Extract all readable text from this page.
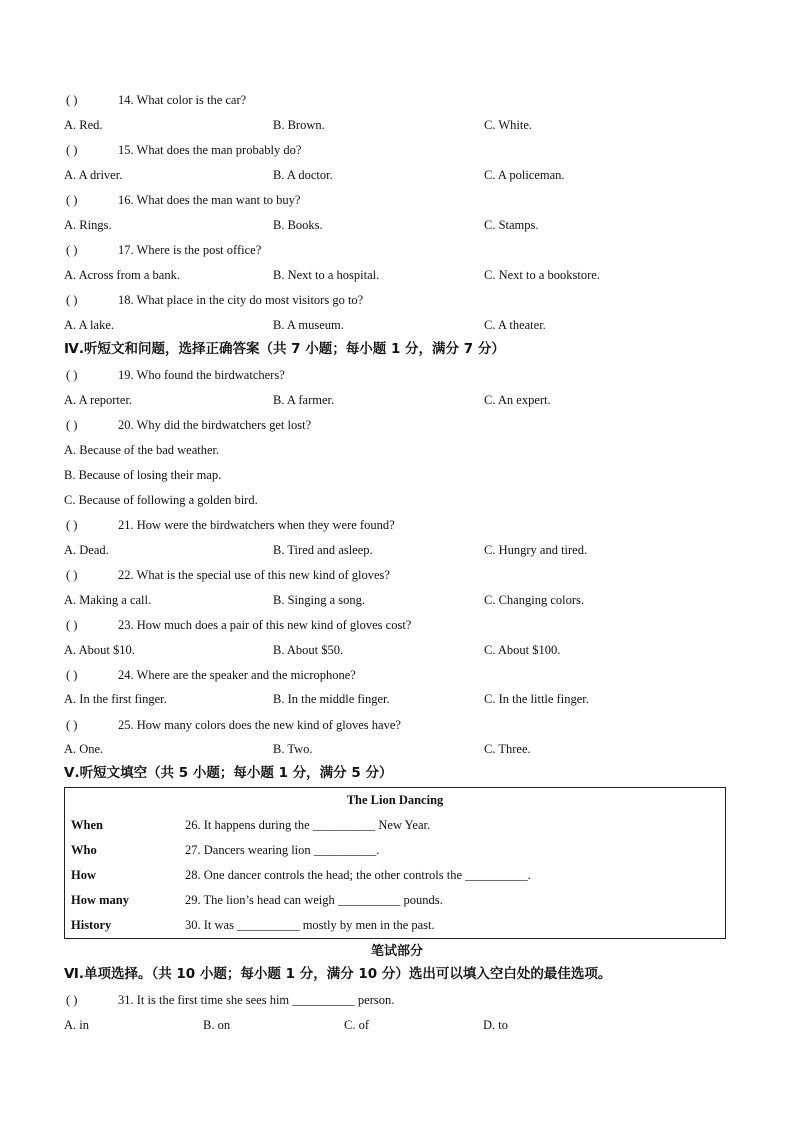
( )	14. What color is the car?
A. Red.	B. Brown.	C. White.
( )	15. What does the man probably do?
A. A driver.	B. A doctor.	C. A policeman.
( )	16. What does the man want to buy?
A. Rings.	B. Books.	C. Stamps.
( )	17. Where is the post office?
A. Across from a bank.	B. Next to a hospital.	C. Next to a bookstore.
( )	18. What place in the city do most visitors go to?
A. A lake.	B. A museum.	C. A theater.
Ⅳ.听短文和问题，选择正确答案（共 7 小题；每小题 1 分，满分 7 分）
( )	19. Who found the birdwatchers?
A. A reporter.	B. A farmer.	C. An expert.
( )	20. Why did the birdwatchers get lost?
A. Because of the bad weather.
B. Because of losing their map.
C. Because of following a golden bird.
( )	21. How were the birdwatchers when they were found?
A. Dead.	B. Tired and asleep.	C. Hungry and tired.
( )	22. What is the special use of this new kind of gloves?
A. Making a call.	B. Singing a song.	C. Changing colors.
( )	23. How much does a pair of this new kind of gloves cost?
A. About $10.	B. About $50.	C. About $100.
( )	24. Where are the speaker and the microphone?
A. In the first finger.	B. In the middle finger.	C. In the little finger.
( )	25. How many colors does the new kind of gloves have?
A. One.	B. Two.	C. Three.
Ⅴ.听短文填空（共 5 小题；每小题 1 分，满分 5 分）
The Lion Dancing	
When	26. It happens during the __________ New Year.
Who	27. Dancers wearing lion __________.
How	28. One dancer controls the head; the other controls the __________.
How many	29. The lion’s head can weigh __________ pounds.
History	30. It was __________ mostly by men in the past.
笔试部分
Ⅵ.单项选择。（共 10 小题；每小题 1 分，满分 10 分）选出可以填入空白处的最佳选项。
( )	31. It is the first time she sees him __________ person.
A. in	B. on	C. of	D. to
